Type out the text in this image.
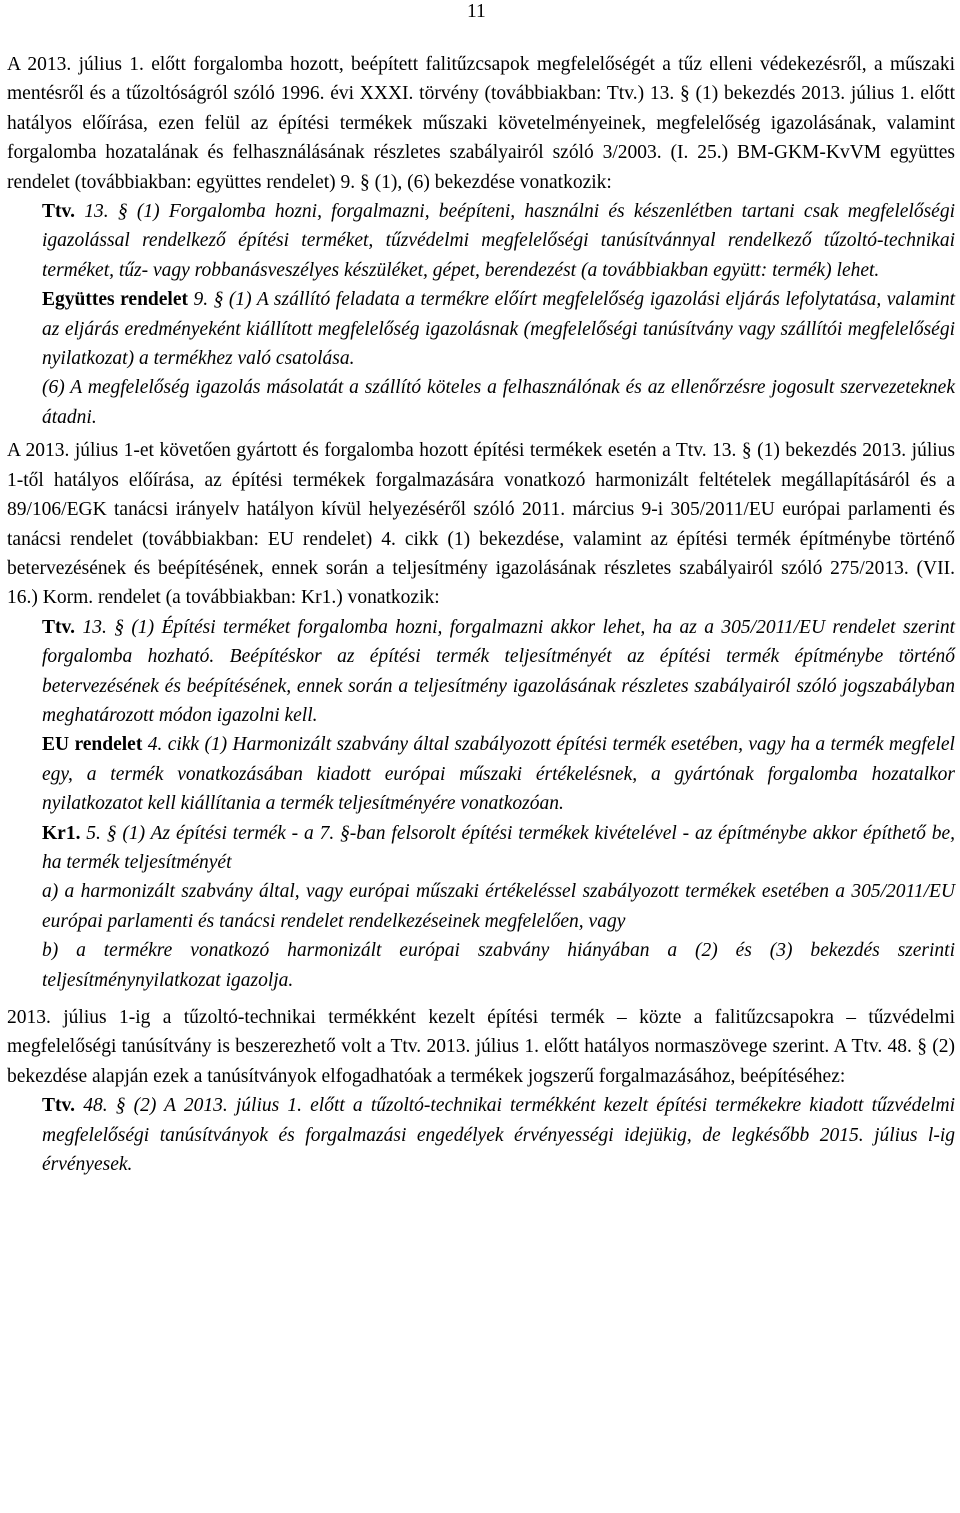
11

A 2013. július 1. előtt forgalomba hozott, beépített falitűzcsapok megfelelőségét a tűz elleni védekezésről, a műszaki mentésről és a tűzoltóságról szóló 1996. évi XXXI. törvény (továbbiakban: Ttv.) 13. § (1) bekezdés 2013. július 1. előtt hatályos előírása, ezen felül az építési termékek műszaki követelményeinek, megfelelőség igazolásának, valamint forgalomba hozatalának és felhasználásának részletes szabályairól szóló 3/2003. (I. 25.) BM-GKM-KvVM együttes rendelet (továbbiakban: együttes rendelet) 9. § (1), (6) bekezdése vonatkozik:

Ttv. 13. § (1) Forgalomba hozni, forgalmazni, beépíteni, használni és készenlétben tartani csak megfelelőségi igazolással rendelkező építési terméket, tűzvédelmi megfelelőségi tanúsítvánnyal rendelkező tűzoltó-technikai terméket, tűz- vagy robbanásveszélyes készüléket, gépet, berendezést (a továbbiakban együtt: termék) lehet.

Együttes rendelet 9. § (1) A szállító feladata a termékre előírt megfelelőség igazolási eljárás lefolytatása, valamint az eljárás eredményeként kiállított megfelelőség igazolásnak (megfelelőségi tanúsítvány vagy szállítói megfelelőségi nyilatkozat) a termékhez való csatolása.

(6) A megfelelőség igazolás másolatát a szállító köteles a felhasználónak és az ellenőrzésre jogosult szervezeteknek átadni.

A 2013. július 1-et követően gyártott és forgalomba hozott építési termékek esetén a Ttv. 13. § (1) bekezdés 2013. július 1-től hatályos előírása, az építési termékek forgalmazására vonatkozó harmonizált feltételek megállapításáról és a 89/106/EGK tanácsi irányelv hatályon kívül helyezéséről szóló 2011. március 9-i 305/2011/EU európai parlamenti és tanácsi rendelet (továbbiakban: EU rendelet) 4. cikk (1) bekezdése, valamint az építési termék építménybe történő betervezésének és beépítésének, ennek során a teljesítmény igazolásának részletes szabályairól szóló 275/2013. (VII. 16.) Korm. rendelet (a továbbiakban: Kr1.) vonatkozik:

Ttv. 13. § (1) Építési terméket forgalomba hozni, forgalmazni akkor lehet, ha az a 305/2011/EU rendelet szerint forgalomba hozható. Beépítéskor az építési termék teljesítményét az építési termék építménybe történő betervezésének és beépítésének, ennek során a teljesítmény igazolásának részletes szabályairól szóló jogszabályban meghatározott módon igazolni kell.

EU rendelet 4. cikk (1) Harmonizált szabvány által szabályozott építési termék esetében, vagy ha a termék megfelel egy, a termék vonatkozásában kiadott európai műszaki értékelésnek, a gyártónak forgalomba hozatalkor nyilatkozatot kell kiállítania a termék teljesítményére vonatkozóan.

Kr1. 5. § (1) Az építési termék - a 7. §-ban felsorolt építési termékek kivételével - az építménybe akkor építhető be, ha termék teljesítményét

a) a harmonizált szabvány által, vagy európai műszaki értékeléssel szabályozott termékek esetében a 305/2011/EU európai parlamenti és tanácsi rendelet rendelkezéseinek megfelelően, vagy

b) a termékre vonatkozó harmonizált európai szabvány hiányában a (2) és (3) bekezdés szerinti teljesítménynyilatkozat igazolja.

2013. július 1-ig a tűzoltó-technikai termékként kezelt építési termék – közte a falitűzcsapokra – tűzvédelmi megfelelőségi tanúsítvány is beszerezhető volt a Ttv. 2013. július 1. előtt hatályos normaszövege szerint. A Ttv. 48. § (2) bekezdése alapján ezek a tanúsítványok elfogadhatóak a termékek jogszerű forgalmazásához, beépítéséhez:

Ttv. 48. § (2) A 2013. július 1. előtt a tűzoltó-technikai termékként kezelt építési termékekre kiadott tűzvédelmi megfelelőségi tanúsítványok és forgalmazási engedélyek érvényességi idejükig, de legkésőbb 2015. július l-ig érvényesek.
